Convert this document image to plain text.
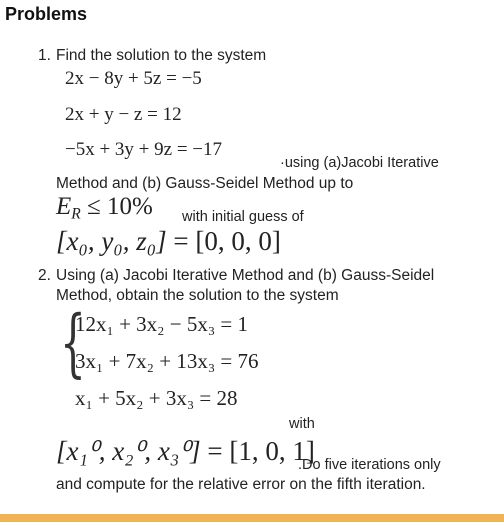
Problems
1. Find the solution to the system
2x − 8y + 5z = −5
2x + y − z = 12
−5x + 3y + 9z = −17
·using (a)Jacobi Iterative
Method and (b) Gauss-Seidel Method up to
$E_R \le 10\%$ with initial guess of
[x₀, y₀, z₀] = [0, 0, 0]
2. Using (a) Jacobi Iterative Method and (b) Gauss-Seidel
Method, obtain the solution to the system
{
12x₁ + 3x₂ − 5x₃ = 1
3x₁ + 7x₂ + 13x₃ = 76
x₁ + 5x₂ + 3x₃ = 28
with
[x₁⁰, x₂⁰, x₃⁰] = [1, 0, 1]
.Do five iterations only
and compute for the relative error on the fifth iteration.
